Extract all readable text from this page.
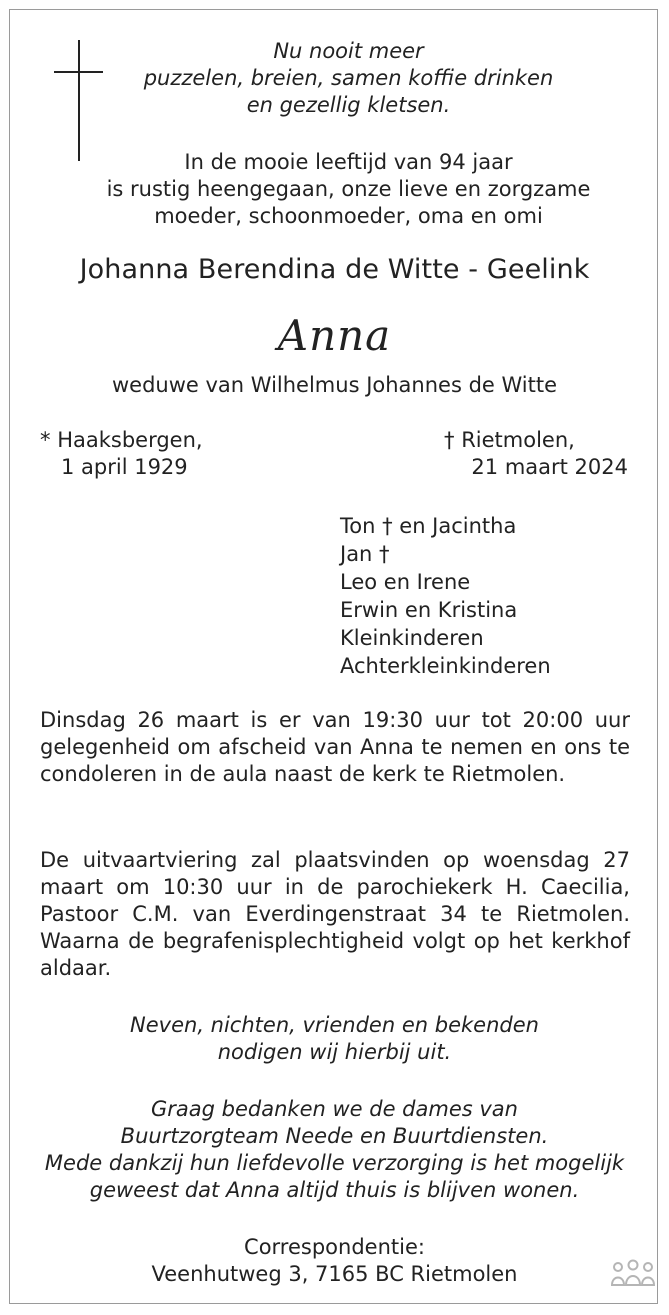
Nu nooit meer
puzzelen, breien, samen koffie drinken
en gezellig kletsen.
In de mooie leeftijd van 94 jaar
is rustig heengegaan, onze lieve en zorgzame
moeder, schoonmoeder, oma en omi
Johanna Berendina de Witte - Geelink
Anna
weduwe van Wilhelmus Johannes de Witte
* Haaksbergen,
1 april 1929
† Rietmolen,
21 maart 2024
Ton † en Jacintha
Jan †
Leo en Irene
Erwin en Kristina
Kleinkinderen
Achterkleinkinderen
Dinsdag 26 maart is er van 19:30 uur tot 20:00 uur gelegenheid om afscheid van Anna te nemen en ons te condoleren in de aula naast de kerk te Rietmolen.
De uitvaartviering zal plaatsvinden op woensdag 27 maart om 10:30 uur in de parochiekerk H. Caecilia, Pastoor C.M. van Everdingenstraat 34 te Rietmolen. Waarna de begrafenisplechtigheid volgt op het kerkhof aldaar.
Neven, nichten, vrienden en bekenden
nodigen wij hierbij uit.
Graag bedanken we de dames van
Buurtzorgteam Neede en Buurtdiensten.
Mede dankzij hun liefdevolle verzorging is het mogelijk
geweest dat Anna altijd thuis is blijven wonen.
Correspondentie:
Veenhutweg 3, 7165 BC Rietmolen
